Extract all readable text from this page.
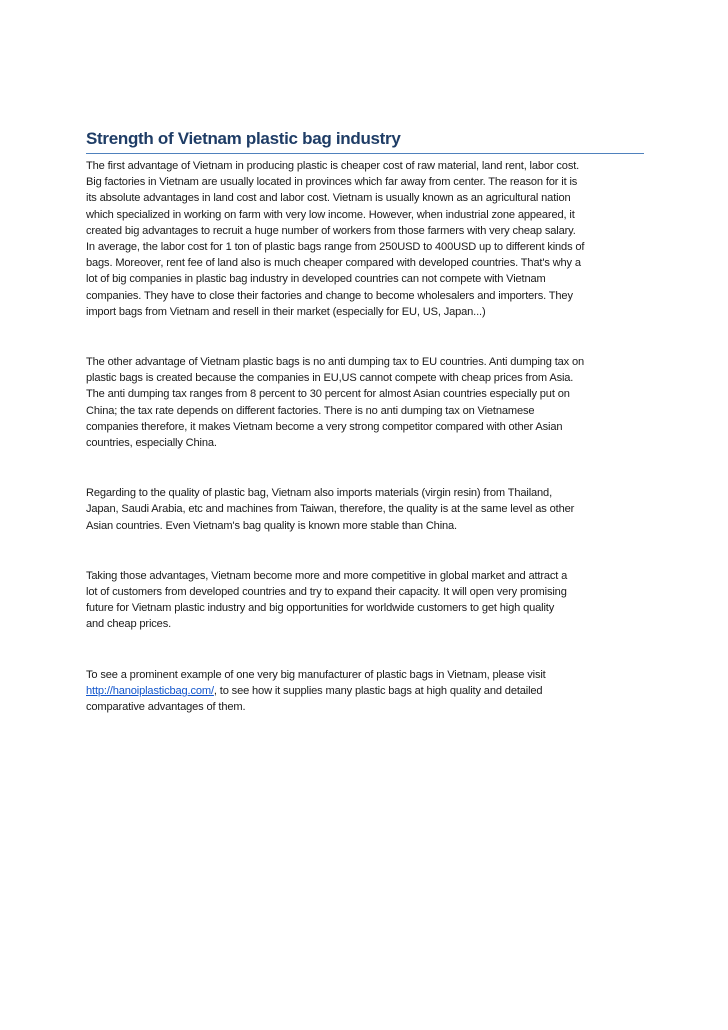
Strength of Vietnam plastic bag industry

The first advantage of Vietnam in producing plastic is cheaper cost of raw material, land rent, labor cost.
Big factories in Vietnam are usually located in provinces which far away from center. The reason for it is
its absolute advantages in land cost and labor cost. Vietnam is usually known as an agricultural nation
which specialized in working on farm with very low income. However, when industrial zone appeared, it
created big advantages to recruit a huge number of workers from those farmers with very cheap salary.
In average, the labor cost for 1 ton of plastic bags range from 250USD to 400USD up to different kinds of
bags. Moreover, rent fee of land also is much cheaper compared with developed countries. That's why a
lot of big companies in plastic bag industry in developed countries can not compete with Vietnam
companies. They have to close their factories and change to become wholesalers and importers. They
import bags from Vietnam and resell in their market (especially for EU, US, Japan...)

The other advantage of Vietnam plastic bags is no anti dumping tax to EU countries. Anti dumping tax on
plastic bags is created because the companies in EU,US cannot compete with cheap prices from Asia.
The anti dumping tax ranges from 8 percent to 30 percent for almost Asian countries especially put on
China; the tax rate depends on different factories. There is no anti dumping tax on Vietnamese
companies therefore, it makes Vietnam become a very strong competitor compared with other Asian
countries, especially China.

Regarding to the quality of plastic bag, Vietnam also imports materials (virgin resin) from Thailand,
Japan, Saudi Arabia, etc and machines from Taiwan, therefore, the quality is at the same level as other
Asian countries. Even Vietnam's bag quality is known more stable than China.

Taking those advantages, Vietnam become more and more competitive in global market and attract a
lot of customers from developed countries and try to expand their capacity. It will open very promising
future for Vietnam plastic industry and big opportunities for worldwide customers to get high quality
and cheap prices.

To see a prominent example of one very big manufacturer of plastic bags in Vietnam, please visit
http://hanoiplasticbag.com/, to see how it supplies many plastic bags at high quality and detailed
comparative advantages of them.
